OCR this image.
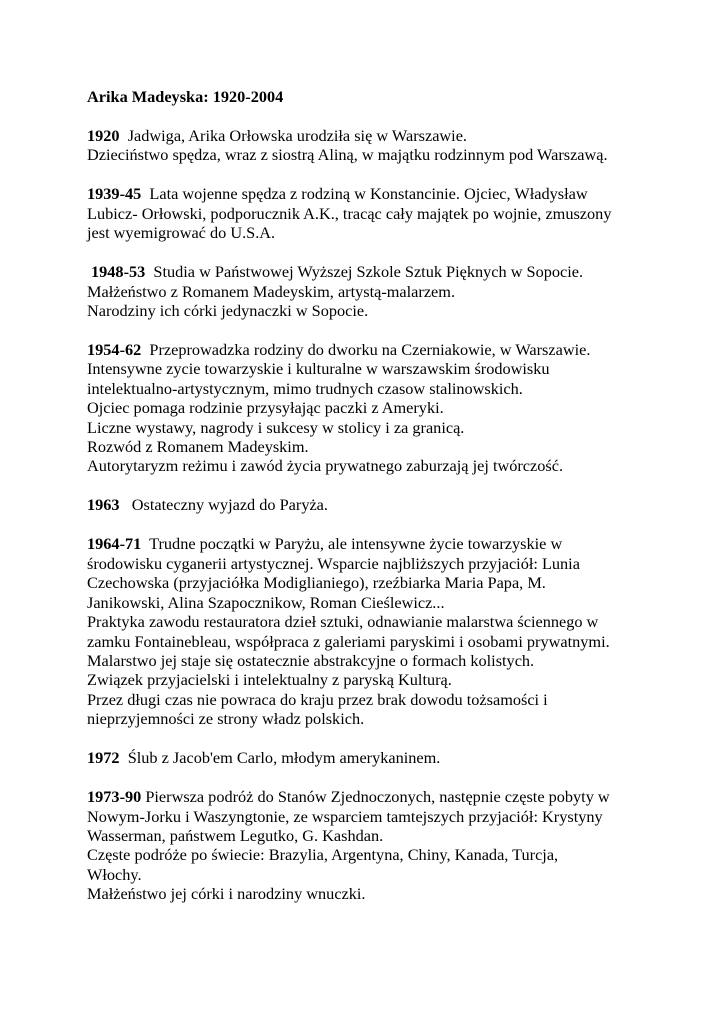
Arika Madeyska: 1920-2004
1920 Jadwiga, Arika Orłowska urodziła się w Warszawie.
Dzieciństwo spędza, wraz z siostrą Aliną, w majątku rodzinnym pod Warszawą.
1939-45 Lata wojenne spędza z rodziną w Konstancinie. Ojciec, Władysław
Lubicz- Orłowski, podporucznik A.K., tracąc cały majątek po wojnie, zmuszony
jest wyemigrować do U.S.A.
1948-53 Studia w Państwowej Wyższej Szkole Sztuk Pięknych w Sopocie.
Małżeństwo z Romanem Madeyskim, artystą-malarzem.
Narodziny ich córki jedynaczki w Sopocie.
1954-62 Przeprowadzka rodziny do dworku na Czerniakowie, w Warszawie.
Intensywne zycie towarzyskie i kulturalne w warszawskim środowisku
intelektualno-artystycznym, mimo trudnych czasow stalinowskich.
Ojciec pomaga rodzinie przysyłając paczki z Ameryki.
Liczne wystawy, nagrody i sukcesy w stolicy i za granicą.
Rozwód z Romanem Madeyskim.
Autorytaryzm reżimu i zawód życia prywatnego zaburzają jej twórczość.
1963 Ostateczny wyjazd do Paryża.
1964-71 Trudne początki w Paryżu, ale intensywne życie towarzyskie w
środowisku cyganerii artystycznej. Wsparcie najbliższych przyjaciół: Lunia
Czechowska (przyjaciółka Modiglianiego), rzeźbiarka Maria Papa, M.
Janikowski, Alina Szapocznikow, Roman Cieślewicz...
Praktyka zawodu restauratora dzieł sztuki, odnawianie malarstwa ściennego w
zamku Fontainebleau, współpraca z galeriami paryskimi i osobami prywatnymi.
Malarstwo jej staje się ostatecznie abstrakcyjne o formach kolistych.
Związek przyjacielski i intelektualny z paryską Kulturą.
Przez długi czas nie powraca do kraju przez brak dowodu tożsamości i
nieprzyjemności ze strony władz polskich.
1972 Ślub z Jacob'em Carlo, młodym amerykaninem.
1973-90 Pierwsza podróż do Stanów Zjednoczonych, następnie częste pobyty w
Nowym-Jorku i Waszyngtonie, ze wsparciem tamtejszych przyjaciół: Krystyny
Wasserman, państwem Legutko, G. Kashdan.
Częste podróże po świecie: Brazylia, Argentyna, Chiny, Kanada, Turcja,
Włochy.
Małżeństwo jej córki i narodziny wnuczki.
